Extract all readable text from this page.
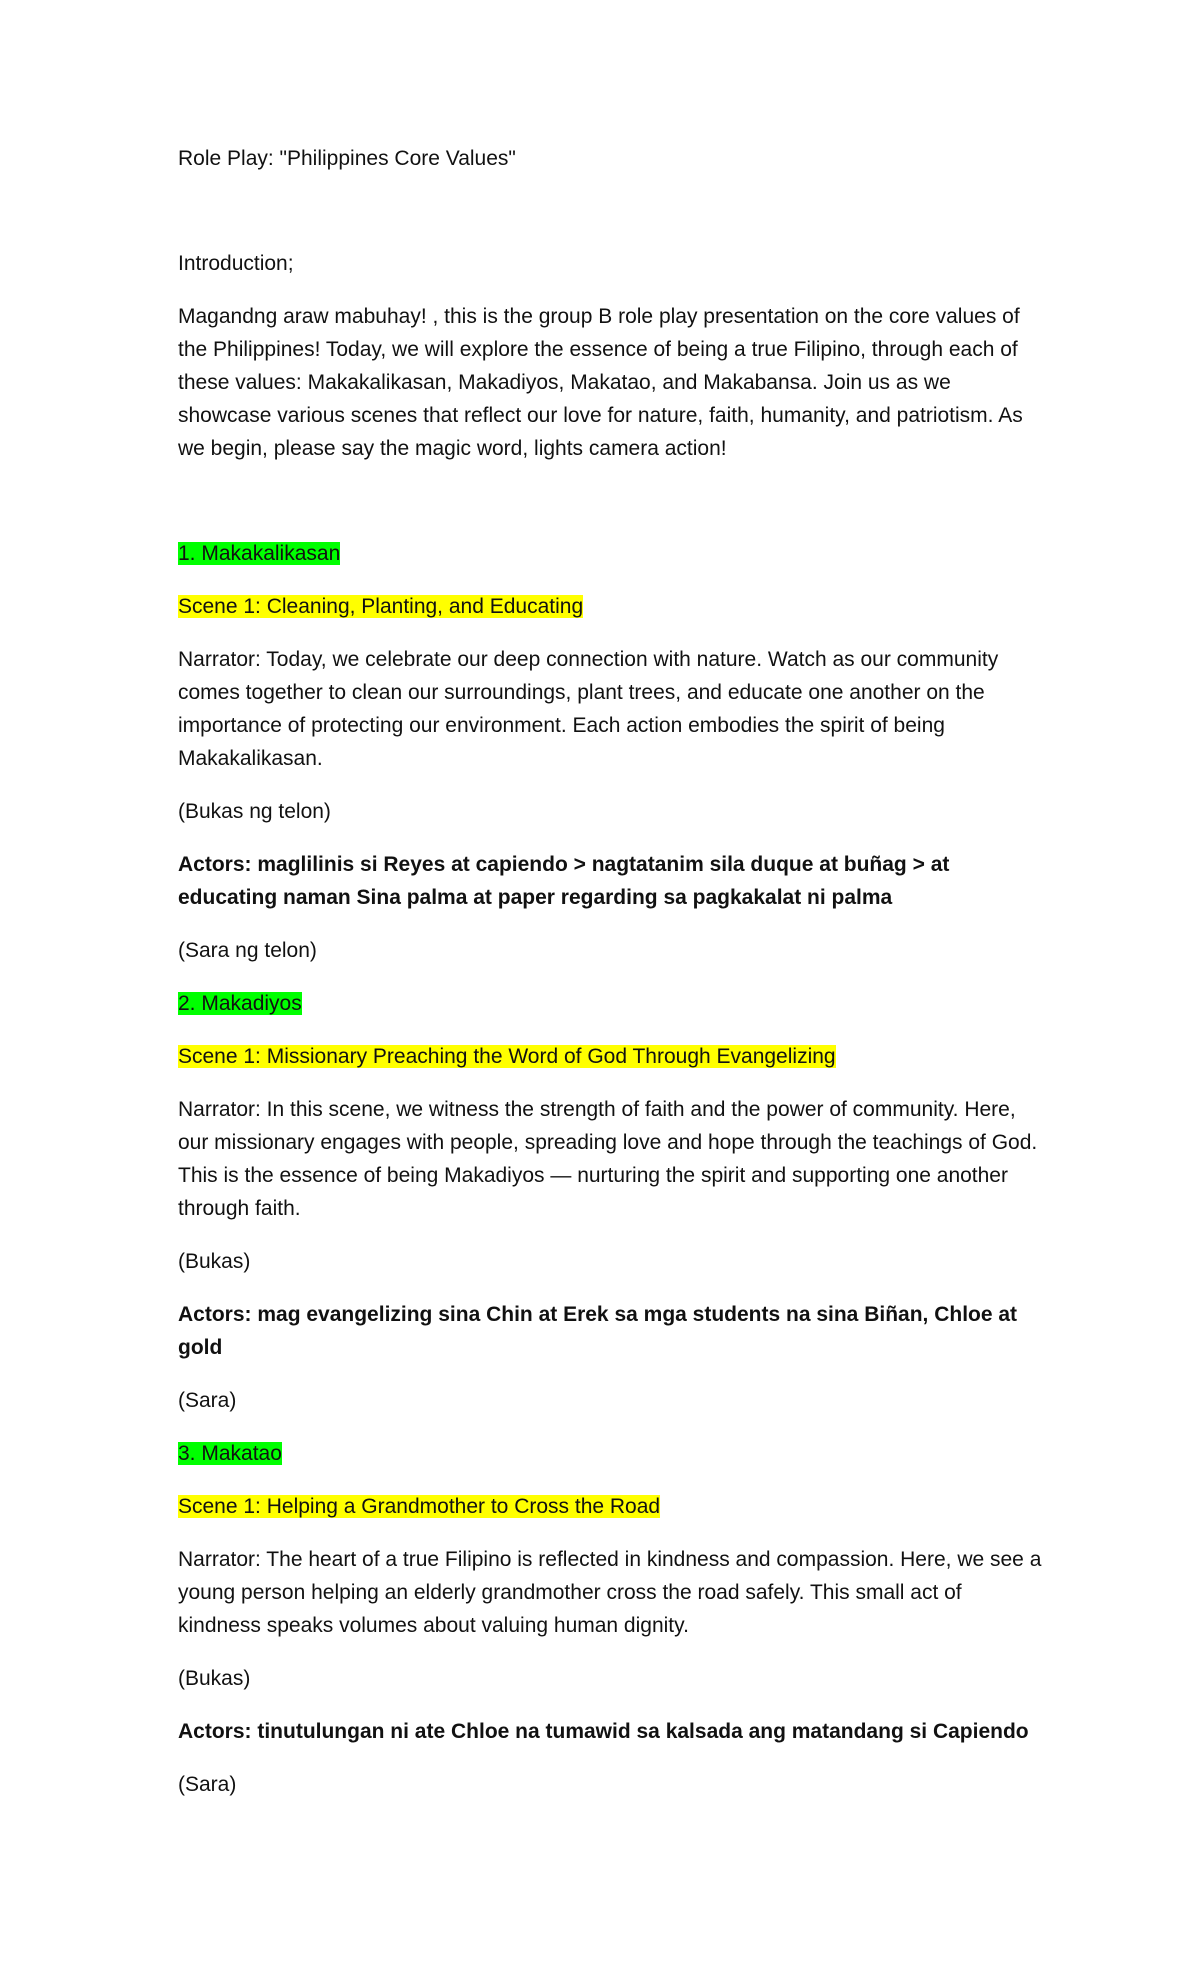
Role Play: "Philippines Core Values"

Introduction;

Magandng araw mabuhay! , this is the group B role play presentation on the core values of the Philippines! Today, we will explore the essence of being a true Filipino, through each of these values: Makakalikasan, Makadiyos, Makatao, and Makabansa. Join us as we showcase various scenes that reflect our love for nature, faith, humanity, and patriotism. As we begin, please say the magic word, lights camera action!

1. Makakalikasan

Scene 1: Cleaning, Planting, and Educating

Narrator: Today, we celebrate our deep connection with nature. Watch as our community comes together to clean our surroundings, plant trees, and educate one another on the importance of protecting our environment. Each action embodies the spirit of being Makakalikasan.

(Bukas ng telon)

Actors: maglilinis si Reyes at capiendo > nagtatanim sila duque at buñag > at educating naman Sina palma at paper regarding sa pagkakalat ni palma

(Sara ng telon)

2. Makadiyos

Scene 1: Missionary Preaching the Word of God Through Evangelizing

Narrator: In this scene, we witness the strength of faith and the power of community. Here, our missionary engages with people, spreading love and hope through the teachings of God. This is the essence of being Makadiyos — nurturing the spirit and supporting one another through faith.

(Bukas)

Actors: mag evangelizing sina Chin at Erek sa mga students na sina Biñan, Chloe at gold

(Sara)

3. Makatao

Scene 1: Helping a Grandmother to Cross the Road

Narrator: The heart of a true Filipino is reflected in kindness and compassion. Here, we see a young person helping an elderly grandmother cross the road safely. This small act of kindness speaks volumes about valuing human dignity.

(Bukas)

Actors: tinutulungan ni ate Chloe na tumawid sa kalsada ang matandang si Capiendo

(Sara)
